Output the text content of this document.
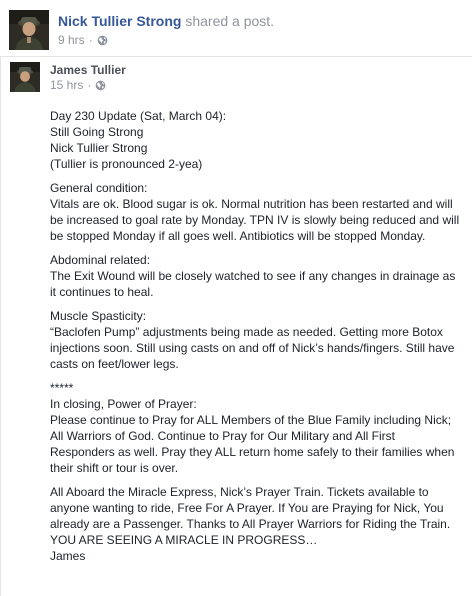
Nick Tullier Strong shared a post.
9 hrs ·
James Tullier
15 hrs ·

Day 230 Update (Sat, March 04):
Still Going Strong
Nick Tullier Strong
(Tullier is pronounced 2-yea)

General condition:
Vitals are ok. Blood sugar is ok. Normal nutrition has been restarted and will be increased to goal rate by Monday. TPN IV is slowly being reduced and will be stopped Monday if all goes well. Antibiotics will be stopped Monday.

Abdominal related:
The Exit Wound will be closely watched to see if any changes in drainage as it continues to heal.

Muscle Spasticity:
“Baclofen Pump” adjustments being made as needed. Getting more Botox injections soon. Still using casts on and off of Nick’s hands/fingers. Still have casts on feet/lower legs.

*****
In closing, Power of Prayer:
Please continue to Pray for ALL Members of the Blue Family including Nick; All Warriors of God. Continue to Pray for Our Military and All First Responders as well. Pray they ALL return home safely to their families when their shift or tour is over.

All Aboard the Miracle Express, Nick’s Prayer Train. Tickets available to anyone wanting to ride, Free For A Prayer. If You are Praying for Nick, You already are a Passenger. Thanks to All Prayer Warriors for Riding the Train. YOU ARE SEEING A MIRACLE IN PROGRESS…
James
